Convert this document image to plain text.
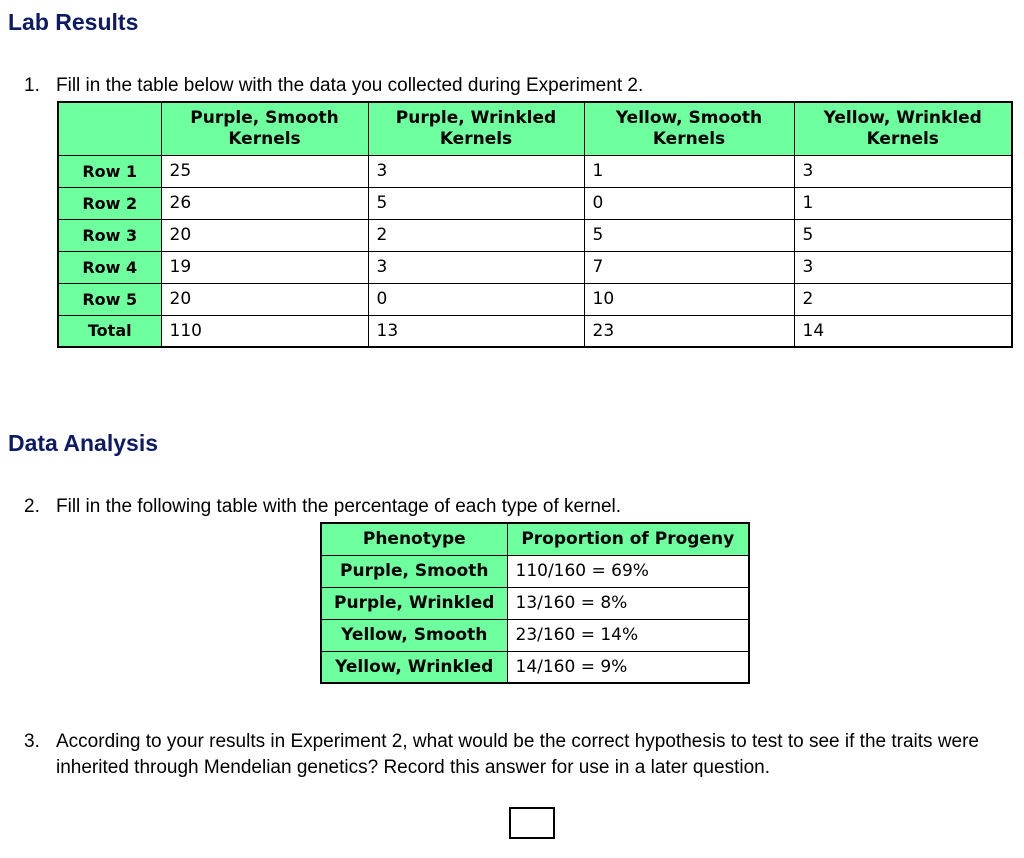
Lab Results
1. Fill in the table below with the data you collected during Experiment 2.
	Purple, Smooth Kernels	Purple, Wrinkled Kernels	Yellow, Smooth Kernels	Yellow, Wrinkled Kernels
Row 1	25	3	1	3
Row 2	26	5	0	1
Row 3	20	2	5	5
Row 4	19	3	7	3
Row 5	20	0	10	2
Total	110	13	23	14
Data Analysis
2. Fill in the following table with the percentage of each type of kernel.
Phenotype	Proportion of Progeny
Purple, Smooth	110/160 = 69%
Purple, Wrinkled	13/160 = 8%
Yellow, Smooth	23/160 = 14%
Yellow, Wrinkled	14/160 = 9%
3. According to your results in Experiment 2, what would be the correct hypothesis to test to see if the traits were inherited through Mendelian genetics? Record this answer for use in a later question.
